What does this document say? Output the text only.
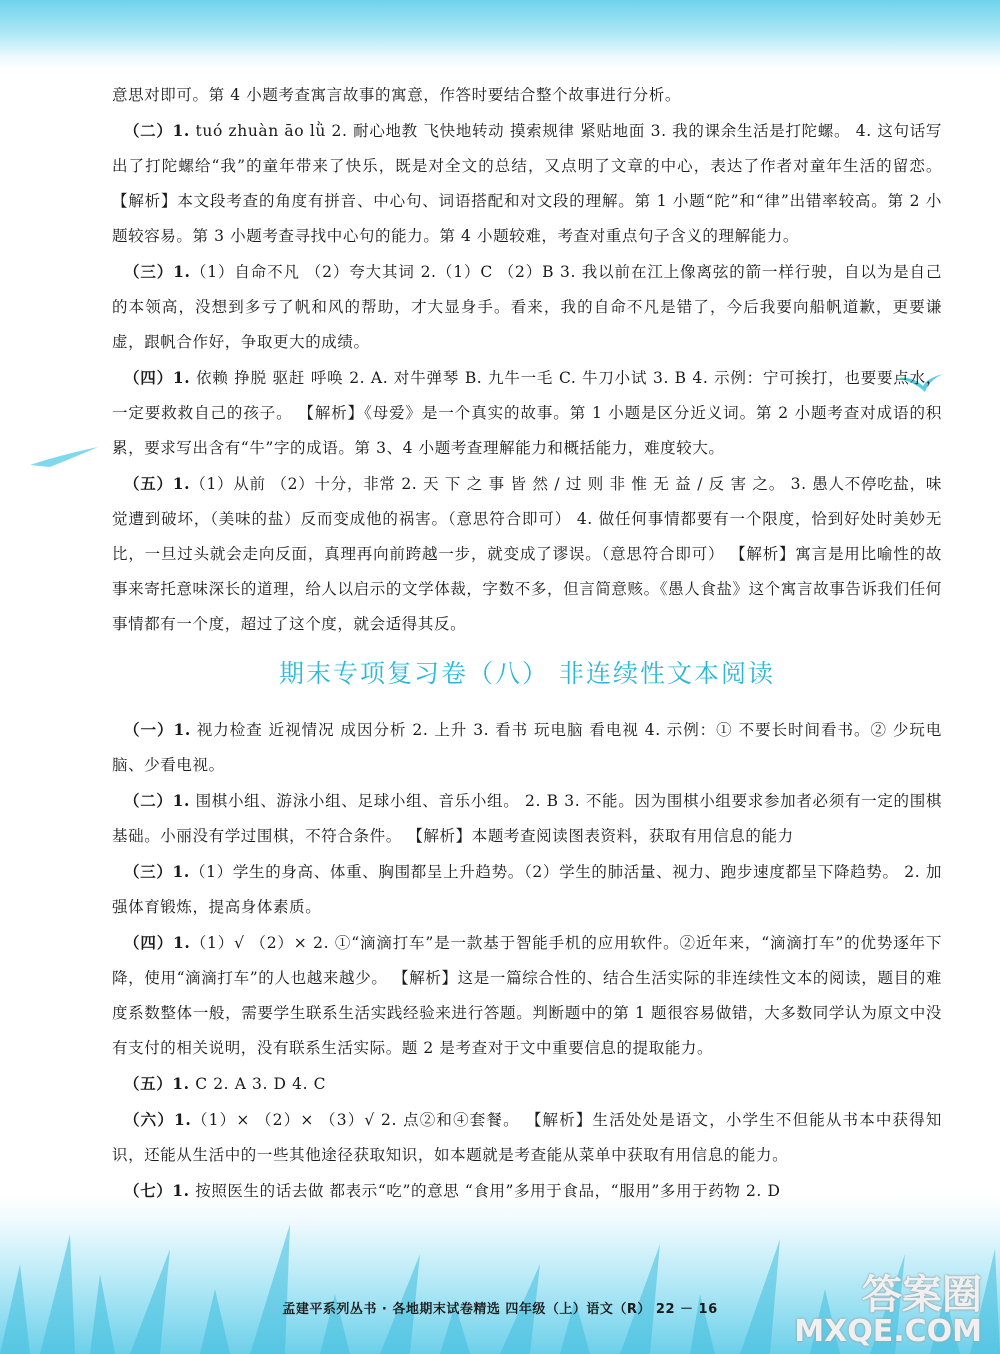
意思对即可。第 4 小题考查寓言故事的寓意，作答时要结合整个故事进行分析。

（二）1. tuó zhuàn āo lǜ 2. 耐心地教 飞快地转动 摸索规律 紧贴地面 3. 我的课余生活是打陀螺。 4. 这句话写出了打陀螺给“我”的童年带来了快乐，既是对全文的总结，又点明了文章的中心，表达了作者对童年生活的留恋。 【解析】本文段考查的角度有拼音、中心句、词语搭配和对文段的理解。第 1 小题“陀”和“律”出错率较高。第 2 小题较容易。第 3 小题考查寻找中心句的能力。第 4 小题较难，考查对重点句子含义的理解能力。

（三）1.（1）自命不凡 （2）夸大其词 2.（1）C （2）B 3. 我以前在江上像离弦的箭一样行驶，自以为是自己的本领高，没想到多亏了帆和风的帮助，才大显身手。看来，我的自命不凡是错了，今后我要向船帆道歉，更要谦虚，跟帆合作好，争取更大的成绩。

（四）1. 依赖 挣脱 驱赶 呼唤 2. A. 对牛弹琴 B. 九牛一毛 C. 牛刀小试 3. B 4. 示例：宁可挨打，也要要点水，一定要救救自己的孩子。 【解析】《母爱》是一个真实的故事。第 1 小题是区分近义词。第 2 小题考查对成语的积累，要求写出含有“牛”字的成语。第 3、4 小题考查理解能力和概括能力，难度较大。

（五）1.（1）从前 （2）十分，非常 2. 天 下 之 事 皆 然 / 过 则 非 惟 无 益 / 反 害 之。 3. 愚人不停吃盐，味觉遭到破坏，（美味的盐）反而变成他的祸害。（意思符合即可） 4. 做任何事情都要有一个限度，恰到好处时美妙无比，一旦过头就会走向反面，真理再向前跨越一步，就变成了谬误。（意思符合即可） 【解析】寓言是用比喻性的故事来寄托意味深长的道理，给人以启示的文学体裁，字数不多，但言简意赅。《愚人食盐》这个寓言故事告诉我们任何事情都有一个度，超过了这个度，就会适得其反。

期末专项复习卷（八） 非连续性文本阅读

（一）1. 视力检查 近视情况 成因分析 2. 上升 3. 看书 玩电脑 看电视 4. 示例：① 不要长时间看书。② 少玩电脑、少看电视。

（二）1. 围棋小组、游泳小组、足球小组、音乐小组。 2. B 3. 不能。因为围棋小组要求参加者必须有一定的围棋基础。小丽没有学过围棋，不符合条件。 【解析】本题考查阅读图表资料，获取有用信息的能力

（三）1.（1）学生的身高、体重、胸围都呈上升趋势。（2）学生的肺活量、视力、跑步速度都呈下降趋势。 2. 加强体育锻炼，提高身体素质。

（四）1.（1）√ （2）× 2. ①“滴滴打车”是一款基于智能手机的应用软件。②近年来，“滴滴打车”的优势逐年下降，使用“滴滴打车”的人也越来越少。 【解析】这是一篇综合性的、结合生活实际的非连续性文本的阅读，题目的难度系数整体一般，需要学生联系生活实践经验来进行答题。判断题中的第 1 题很容易做错，大多数同学认为原文中没有支付的相关说明，没有联系生活实际。题 2 是考查对于文中重要信息的提取能力。

（五）1. C 2. A 3. D 4. C

（六）1.（1）× （2）× （3）√ 2. 点②和④套餐。 【解析】生活处处是语文，小学生不但能从书本中获得知识，还能从生活中的一些其他途径获取知识，如本题就是考查能从菜单中获取有用信息的能力。

（七）1. 按照医生的话去做 都表示“吃”的意思 “食用”多用于食品，“服用”多用于药物 2. D

孟建平系列丛书 · 各地期末试卷精选 四年级（上）语文（R） 22 － 16	答案圈
MXQE.COM
